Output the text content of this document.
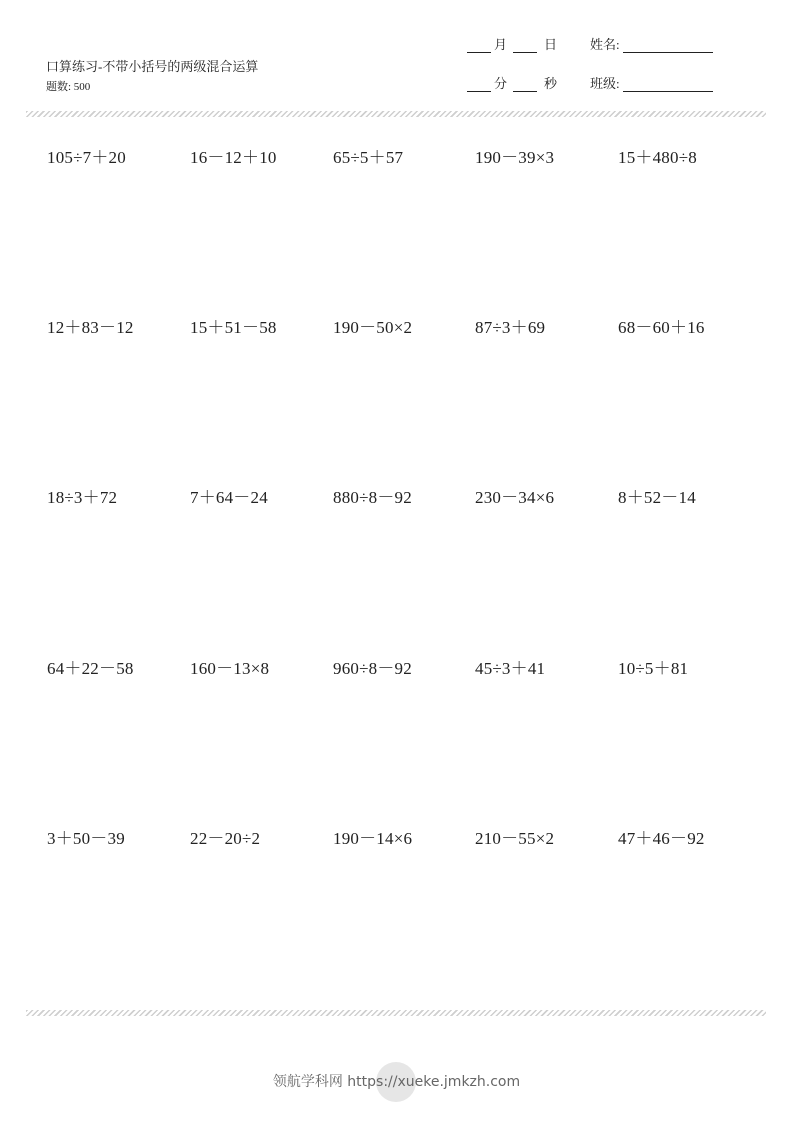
口算练习-不带小括号的两级混合运算
题数: 500
月	日	姓名:
分	秒	班级:
105÷7＋20	16－12＋10	65÷5＋57	190－39×3	15＋480÷8
12＋83－12	15＋51－58	190－50×2	87÷3＋69	68－60＋16
18÷3＋72	7＋64－24	880÷8－92	230－34×6	8＋52－14
64＋22－58	160－13×8	960÷8－92	45÷3＋41	10÷5＋81
3＋50－39	22－20÷2	190－14×6	210－55×2	47＋46－92
领航学科网 https://xueke.jmkzh.com
